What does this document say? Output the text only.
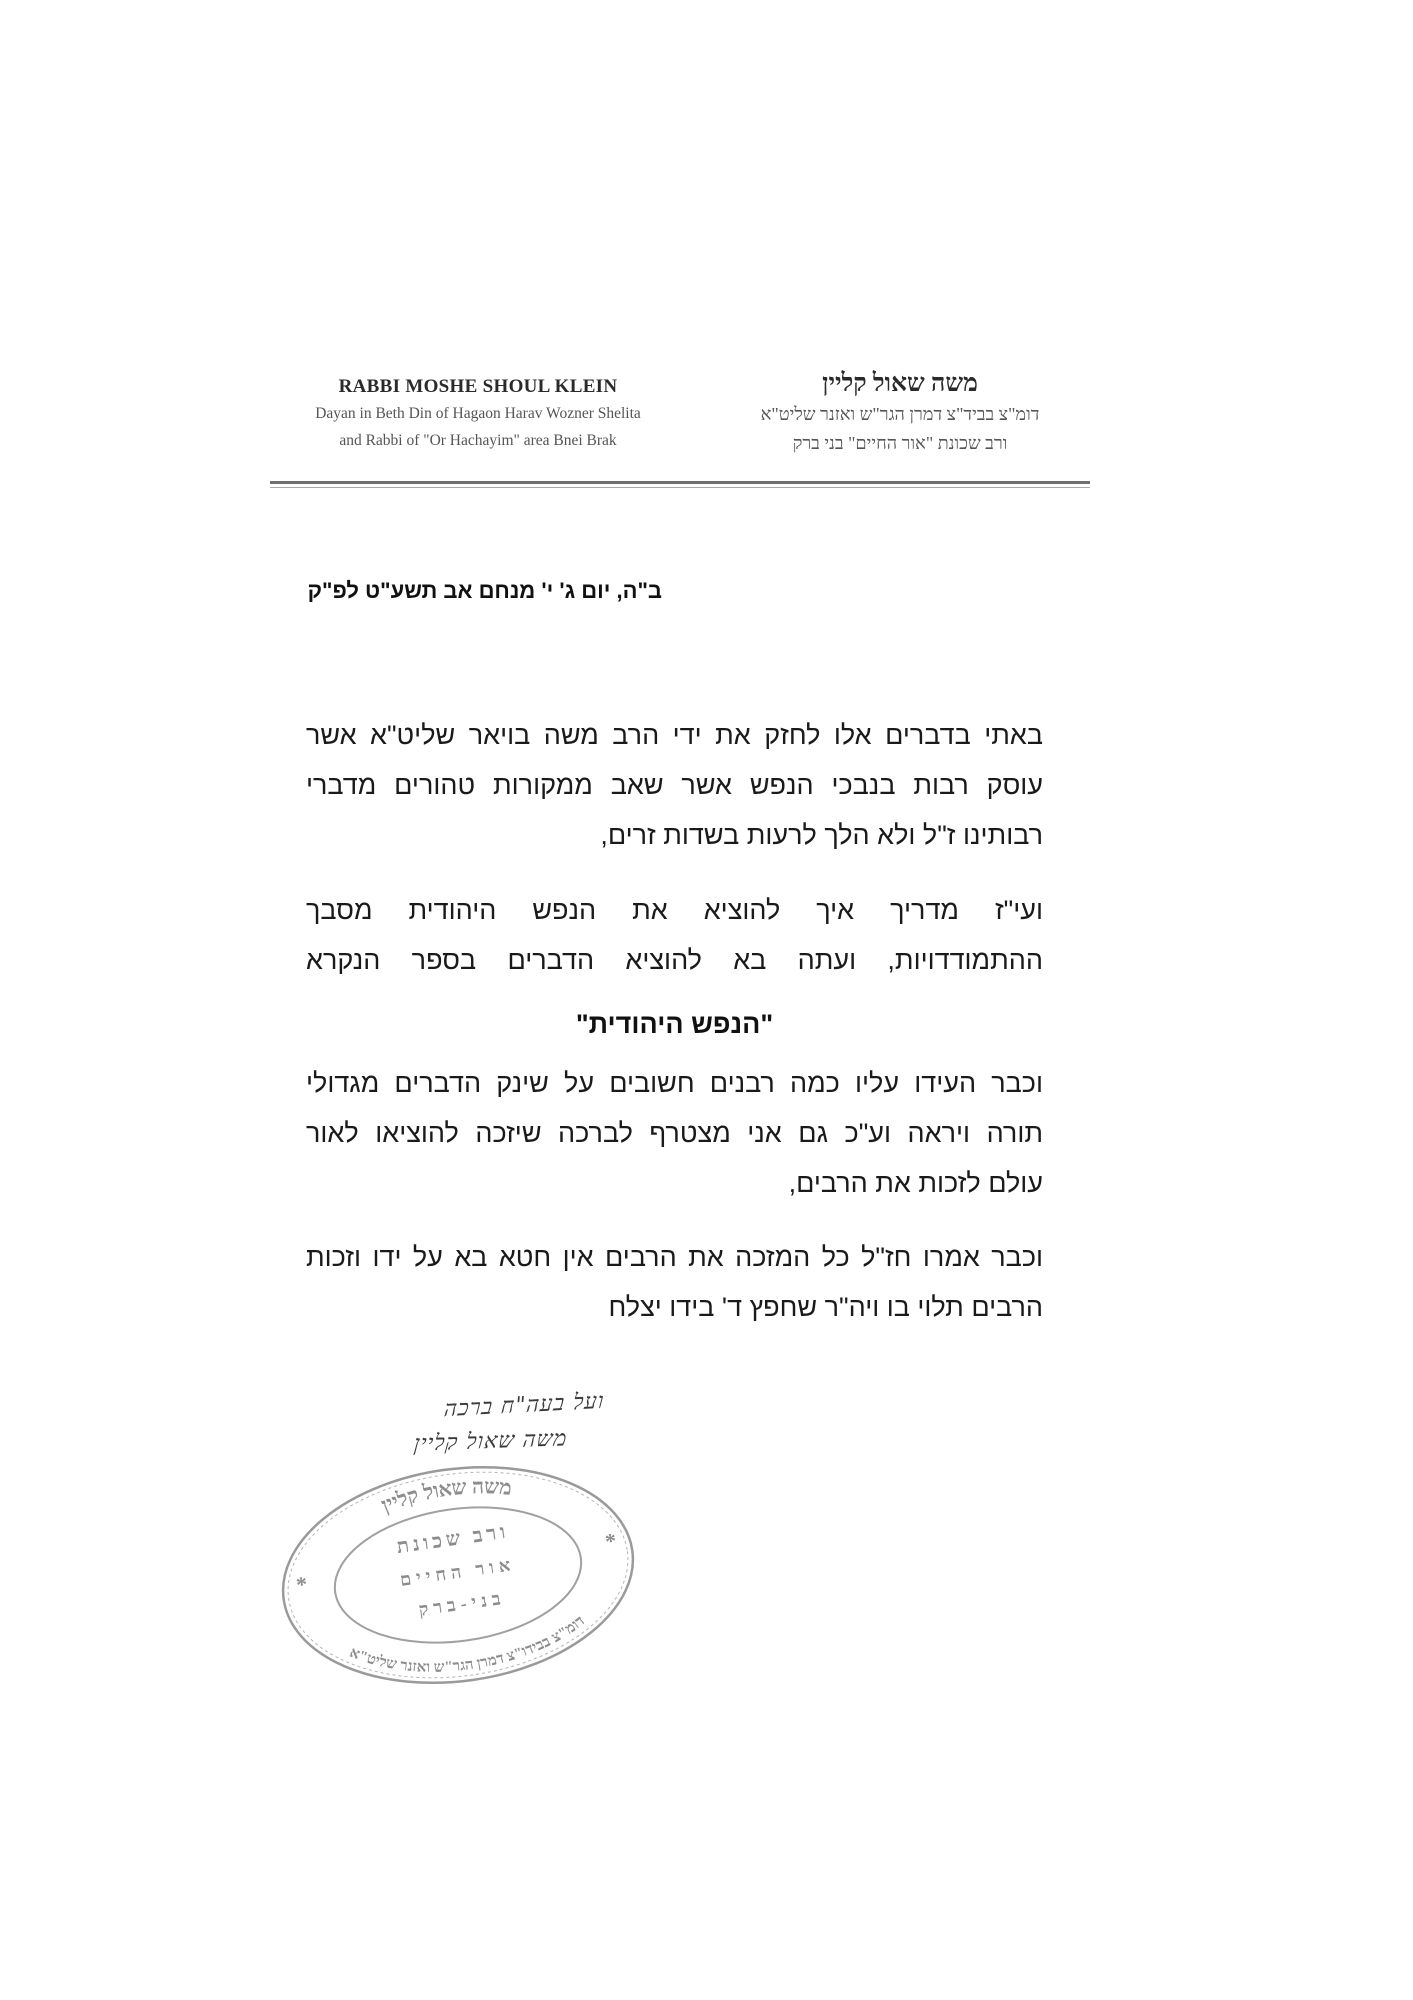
RABBI MOSHE SHOUL KLEIN
Dayan in Beth Din of Hagaon Harav Wozner Shelita
and Rabbi of "Or Hachayim" area Bnei Brak
משה שאול קליין
דומ"צ בביד"צ דמרן הגר"ש ואזנר שליט"א
ורב שכונת "אור החיים" בני ברק
ב"ה, יום ג' י' מנחם אב תשע"ט לפ"ק
באתי בדברים אלו לחזק את ידי הרב משה בויאר שליט"א אשר
עוסק רבות בנבכי הנפש אשר שאב ממקורות טהורים מדברי
רבותינו ז"ל ולא הלך לרעות בשדות זרים,
ועי"ז מדריך איך להוציא את הנפש היהודית מסבך
ההתמודדויות, ועתה בא להוציא הדברים בספר הנקרא
"הנפש היהודית"
וכבר העידו עליו כמה רבנים חשובים על שינק הדברים מגדולי
תורה ויראה וע"כ גם אני מצטרף לברכה שיזכה להוציאו לאור
עולם לזכות את הרבים,
וכבר אמרו חז"ל כל המזכה את הרבים אין חטא בא על ידו וזכות
הרבים תלוי בו ויה"ר שחפץ ד' בידו יצלח
ועל בעה"ח ברכה
משה שאול קליין
משה שאול קליין
דומ"צ בבידו"צ דמרן הגר"ש ואזנר שליט"א
*
*
ורב שכונת
אור החיים
בני-ברק
